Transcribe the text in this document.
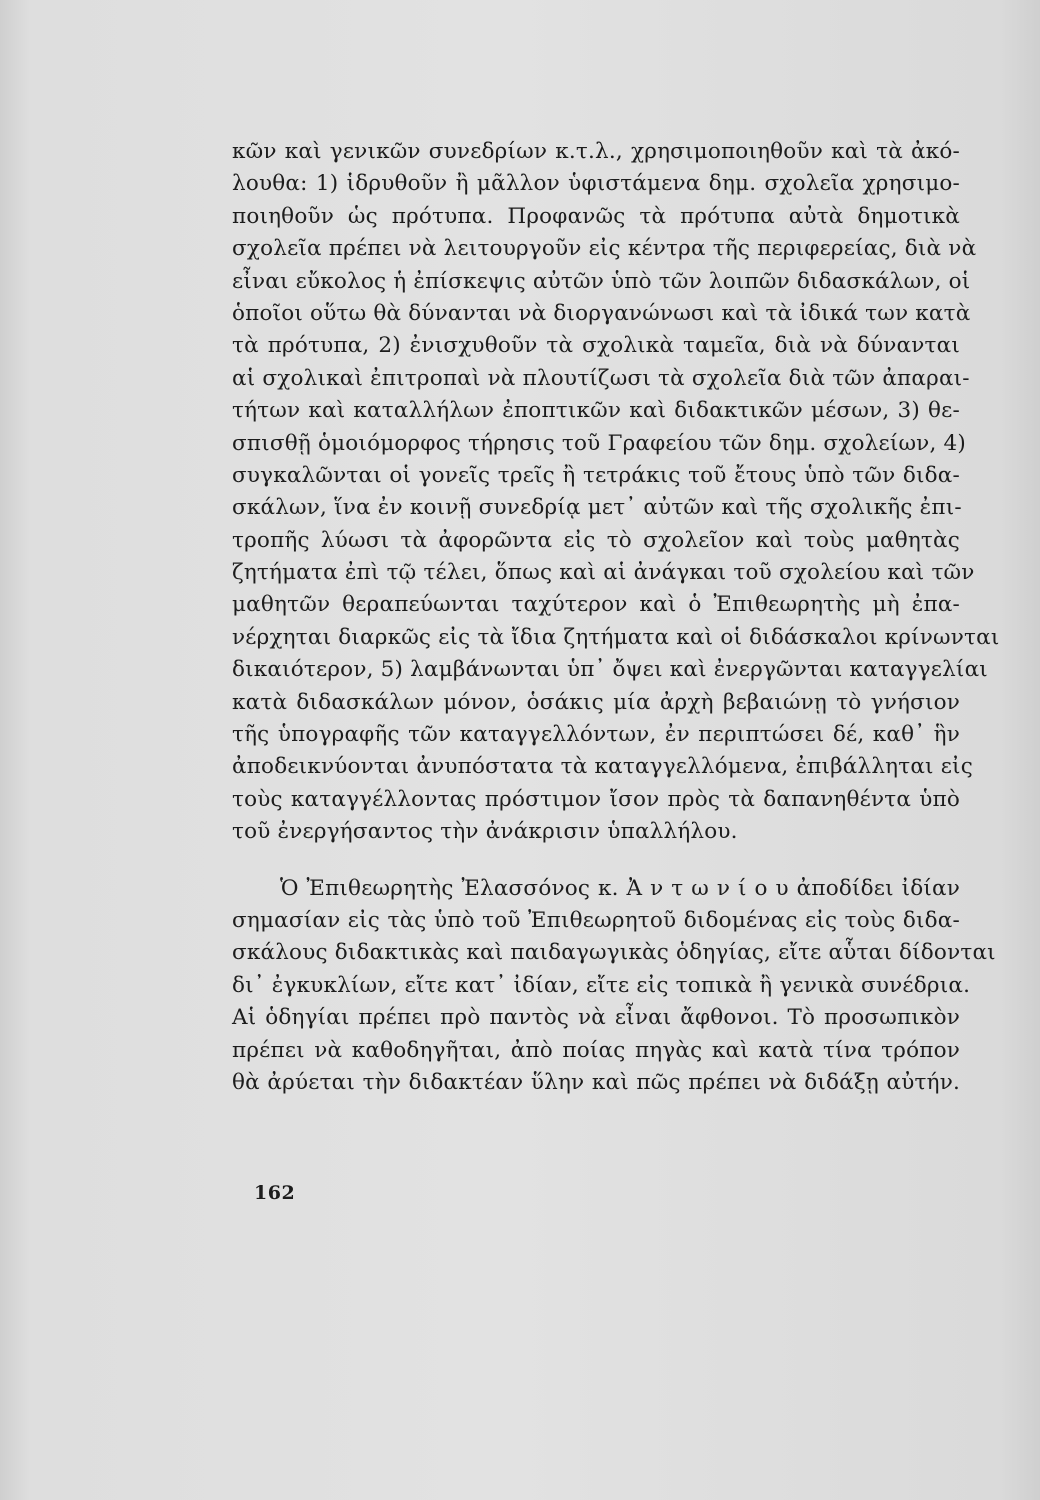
κῶν καὶ γενικῶν συνεδρίων κ.τ.λ., χρησιμοποιηθοῦν καὶ τὰ ἀκό-
λουθα: 1) ἱδρυθοῦν ἢ μᾶλλον ὑφιστάμενα δημ. σχολεῖα χρησιμο-
ποιηθοῦν ὡς πρότυπα. Προφανῶς τὰ πρότυπα αὐτὰ δημοτικὰ
σχολεῖα πρέπει νὰ λειτουργοῦν εἰς κέντρα τῆς περιφερείας, διὰ νὰ
εἶναι εὔκολος ἡ ἐπίσκεψις αὐτῶν ὑπὸ τῶν λοιπῶν διδασκάλων, οἱ
ὁποῖοι οὕτω θὰ δύνανται νὰ διοργανώνωσι καὶ τὰ ἰδικά των κατὰ
τὰ πρότυπα, 2) ἐνισχυθοῦν τὰ σχολικὰ ταμεῖα, διὰ νὰ δύνανται
αἱ σχολικαὶ ἐπιτροπαὶ νὰ πλουτίζωσι τὰ σχολεῖα διὰ τῶν ἀπαραι-
τήτων καὶ καταλλήλων ἐποπτικῶν καὶ διδακτικῶν μέσων, 3) θε-
σπισθῇ ὁμοιόμορφος τήρησις τοῦ Γραφείου τῶν δημ. σχολείων, 4)
συγκαλῶνται οἱ γονεῖς τρεῖς ἢ τετράκις τοῦ ἔτους ὑπὸ τῶν διδα-
σκάλων, ἵνα ἐν κοινῇ συνεδρίᾳ μετ᾽ αὐτῶν καὶ τῆς σχολικῆς ἐπι-
τροπῆς λύωσι τὰ ἀφορῶντα εἰς τὸ σχολεῖον καὶ τοὺς μαθητὰς
ζητήματα ἐπὶ τῷ τέλει, ὅπως καὶ αἱ ἀνάγκαι τοῦ σχολείου καὶ τῶν
μαθητῶν θεραπεύωνται ταχύτερον καὶ ὁ Ἐπιθεωρητὴς μὴ ἐπα-
νέρχηται διαρκῶς εἰς τὰ ἴδια ζητήματα καὶ οἱ διδάσκαλοι κρίνωνται
δικαιότερον, 5) λαμβάνωνται ὑπ᾽ ὄψει καὶ ἐνεργῶνται καταγγελίαι
κατὰ διδασκάλων μόνον, ὁσάκις μία ἀρχὴ βεβαιώνῃ τὸ γνήσιον
τῆς ὑπογραφῆς τῶν καταγγελλόντων, ἐν περιπτώσει δέ, καθ᾽ ἣν
ἀποδεικνύονται ἀνυπόστατα τὰ καταγγελλόμενα, ἐπιβάλληται εἰς
τοὺς καταγγέλλοντας πρόστιμον ἴσον πρὸς τὰ δαπανηθέντα ὑπὸ
τοῦ ἐνεργήσαντος τὴν ἀνάκρισιν ὑπαλλήλου.
Ὁ Ἐπιθεωρητὴς Ἐλασσόνος κ. Ἀ ν τ ω ν ί ο υ ἀποδίδει ἰδίαν
σημασίαν εἰς τὰς ὑπὸ τοῦ Ἐπιθεωρητοῦ διδομένας εἰς τοὺς διδα-
σκάλους διδακτικὰς καὶ παιδαγωγικὰς ὁδηγίας, εἴτε αὗται δίδονται
δι᾽ ἐγκυκλίων, εἴτε κατ᾽ ἰδίαν, εἴτε εἰς τοπικὰ ἢ γενικὰ συνέδρια.
Αἱ ὁδηγίαι πρέπει πρὸ παντὸς νὰ εἶναι ἄφθονοι. Τὸ προσωπικὸν
πρέπει νὰ καθοδηγῆται, ἀπὸ ποίας πηγὰς καὶ κατὰ τίνα τρόπον
θὰ ἀρύεται τὴν διδακτέαν ὕλην καὶ πῶς πρέπει νὰ διδάξῃ αὐτήν.
162
